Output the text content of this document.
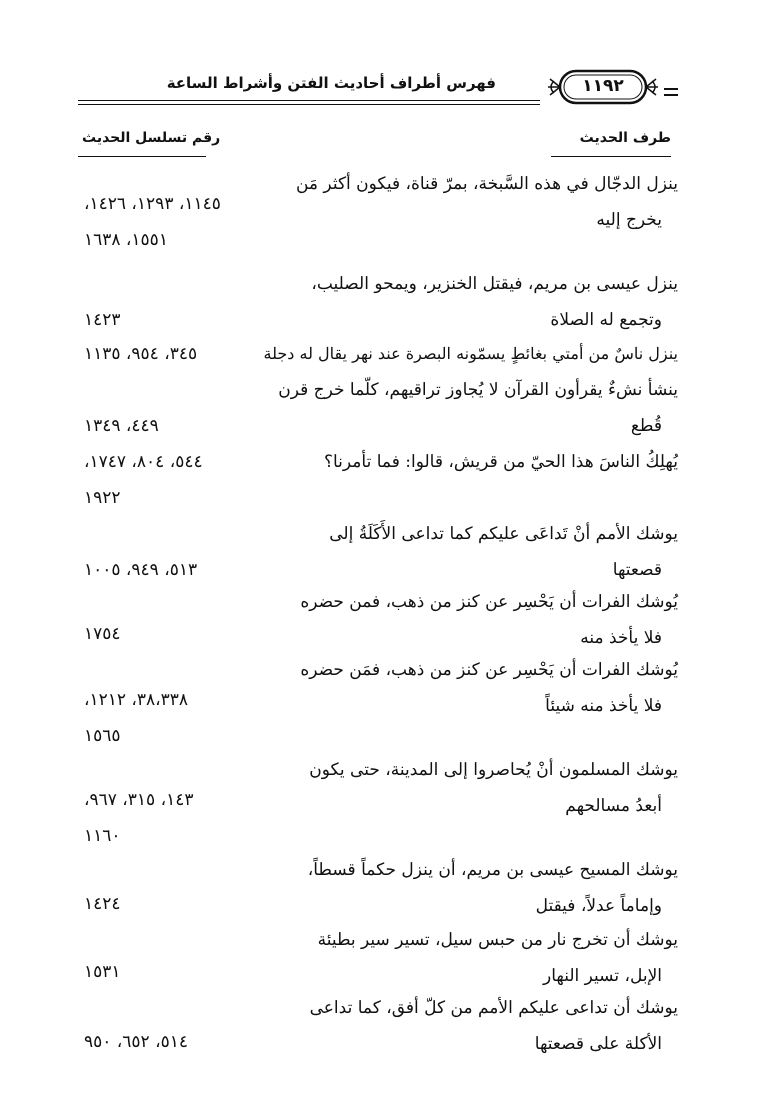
فهرس أطراف أحاديث الفتن وأشراط الساعة	١١٩٢
طرف الحديث
رقم تسلسل الحديث
ينزل الدجّال في هذه السَّبخة، بمرّ قناة، فيكون أكثر مَن
يخرج إليه
١١٤٥، ١٢٩٣، ١٤٢٦،
١٥٥١، ١٦٣٨
ينزل عيسى بن مريم، فيقتل الخنزير، ويمحو الصليب،
وتجمع له الصلاة
١٤٢٣
ينزل ناسٌ من أمتي بغائطٍ يسمّونه البصرة عند نهر يقال له دجلة
٣٤٥، ٩٥٤، ١١٣٥
ينشأ نشءٌ يقرأون القرآن لا يُجاوز تراقيهم، كلّما خرج قرن
قُطع
٤٤٩، ١٣٤٩
يُهلِكُ الناسَ هذا الحيّ من قريش، قالوا: فما تأمرنا؟
٥٤٤، ٨٠٤، ١٧٤٧،
١٩٢٢
يوشك الأمم أنْ تَداعَى عليكم كما تداعى الأَكَلَةُ إلى
قصعتها
٥١٣، ٩٤٩، ١٠٠٥
يُوشك الفرات أن يَحْسِر عن كنز من ذهب، فمن حضره
فلا يأخذ منه
١٧٥٤
يُوشك الفرات أن يَحْسِر عن كنز من ذهب، فمَن حضره
فلا يأخذ منه شيئاً
٣٨،٣٣٨، ١٢١٢،
١٥٦٥
يوشك المسلمون أنْ يُحاصروا إلى المدينة، حتى يكون
أبعدُ مسالحهم
١٤٣، ٣١٥، ٩٦٧،
١١٦٠
يوشك المسيح عيسى بن مريم، أن ينزل حكماً قسطاً،
وإماماً عدلاً، فيقتل
١٤٢٤
يوشك أن تخرج نار من حبس سيل، تسير سير بطيئة
الإبل، تسير النهار
١٥٣١
يوشك أن تداعى عليكم الأمم من كلّ أفق، كما تداعى
الأكلة على قصعتها
٥١٤، ٦٥٢، ٩٥٠
